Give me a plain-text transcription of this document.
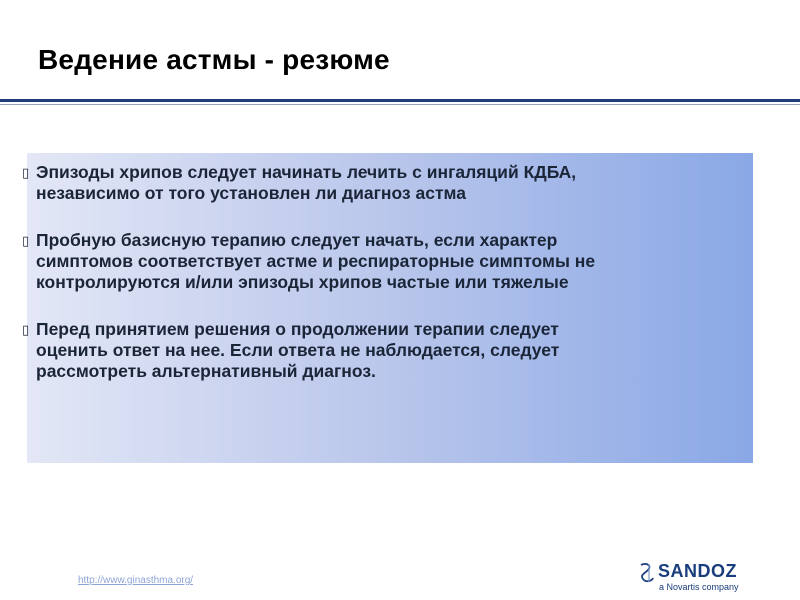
Ведение астмы - резюме
▯ Эпизоды хрипов следует начинать лечить с ингаляций КДБА,
независимо от того установлен ли диагноз астма
▯ Пробную базисную терапию следует начать, если характер
симптомов соответствует астме и респираторные симптомы не
контролируются и/или эпизоды хрипов частые или тяжелые
▯ Перед принятием решения о продолжении терапии следует
оценить ответ на нее. Если ответа не наблюдается, следует
рассмотреть альтернативный диагноз.
http://www.ginasthma.org/	SANDOZ
a Novartis company
